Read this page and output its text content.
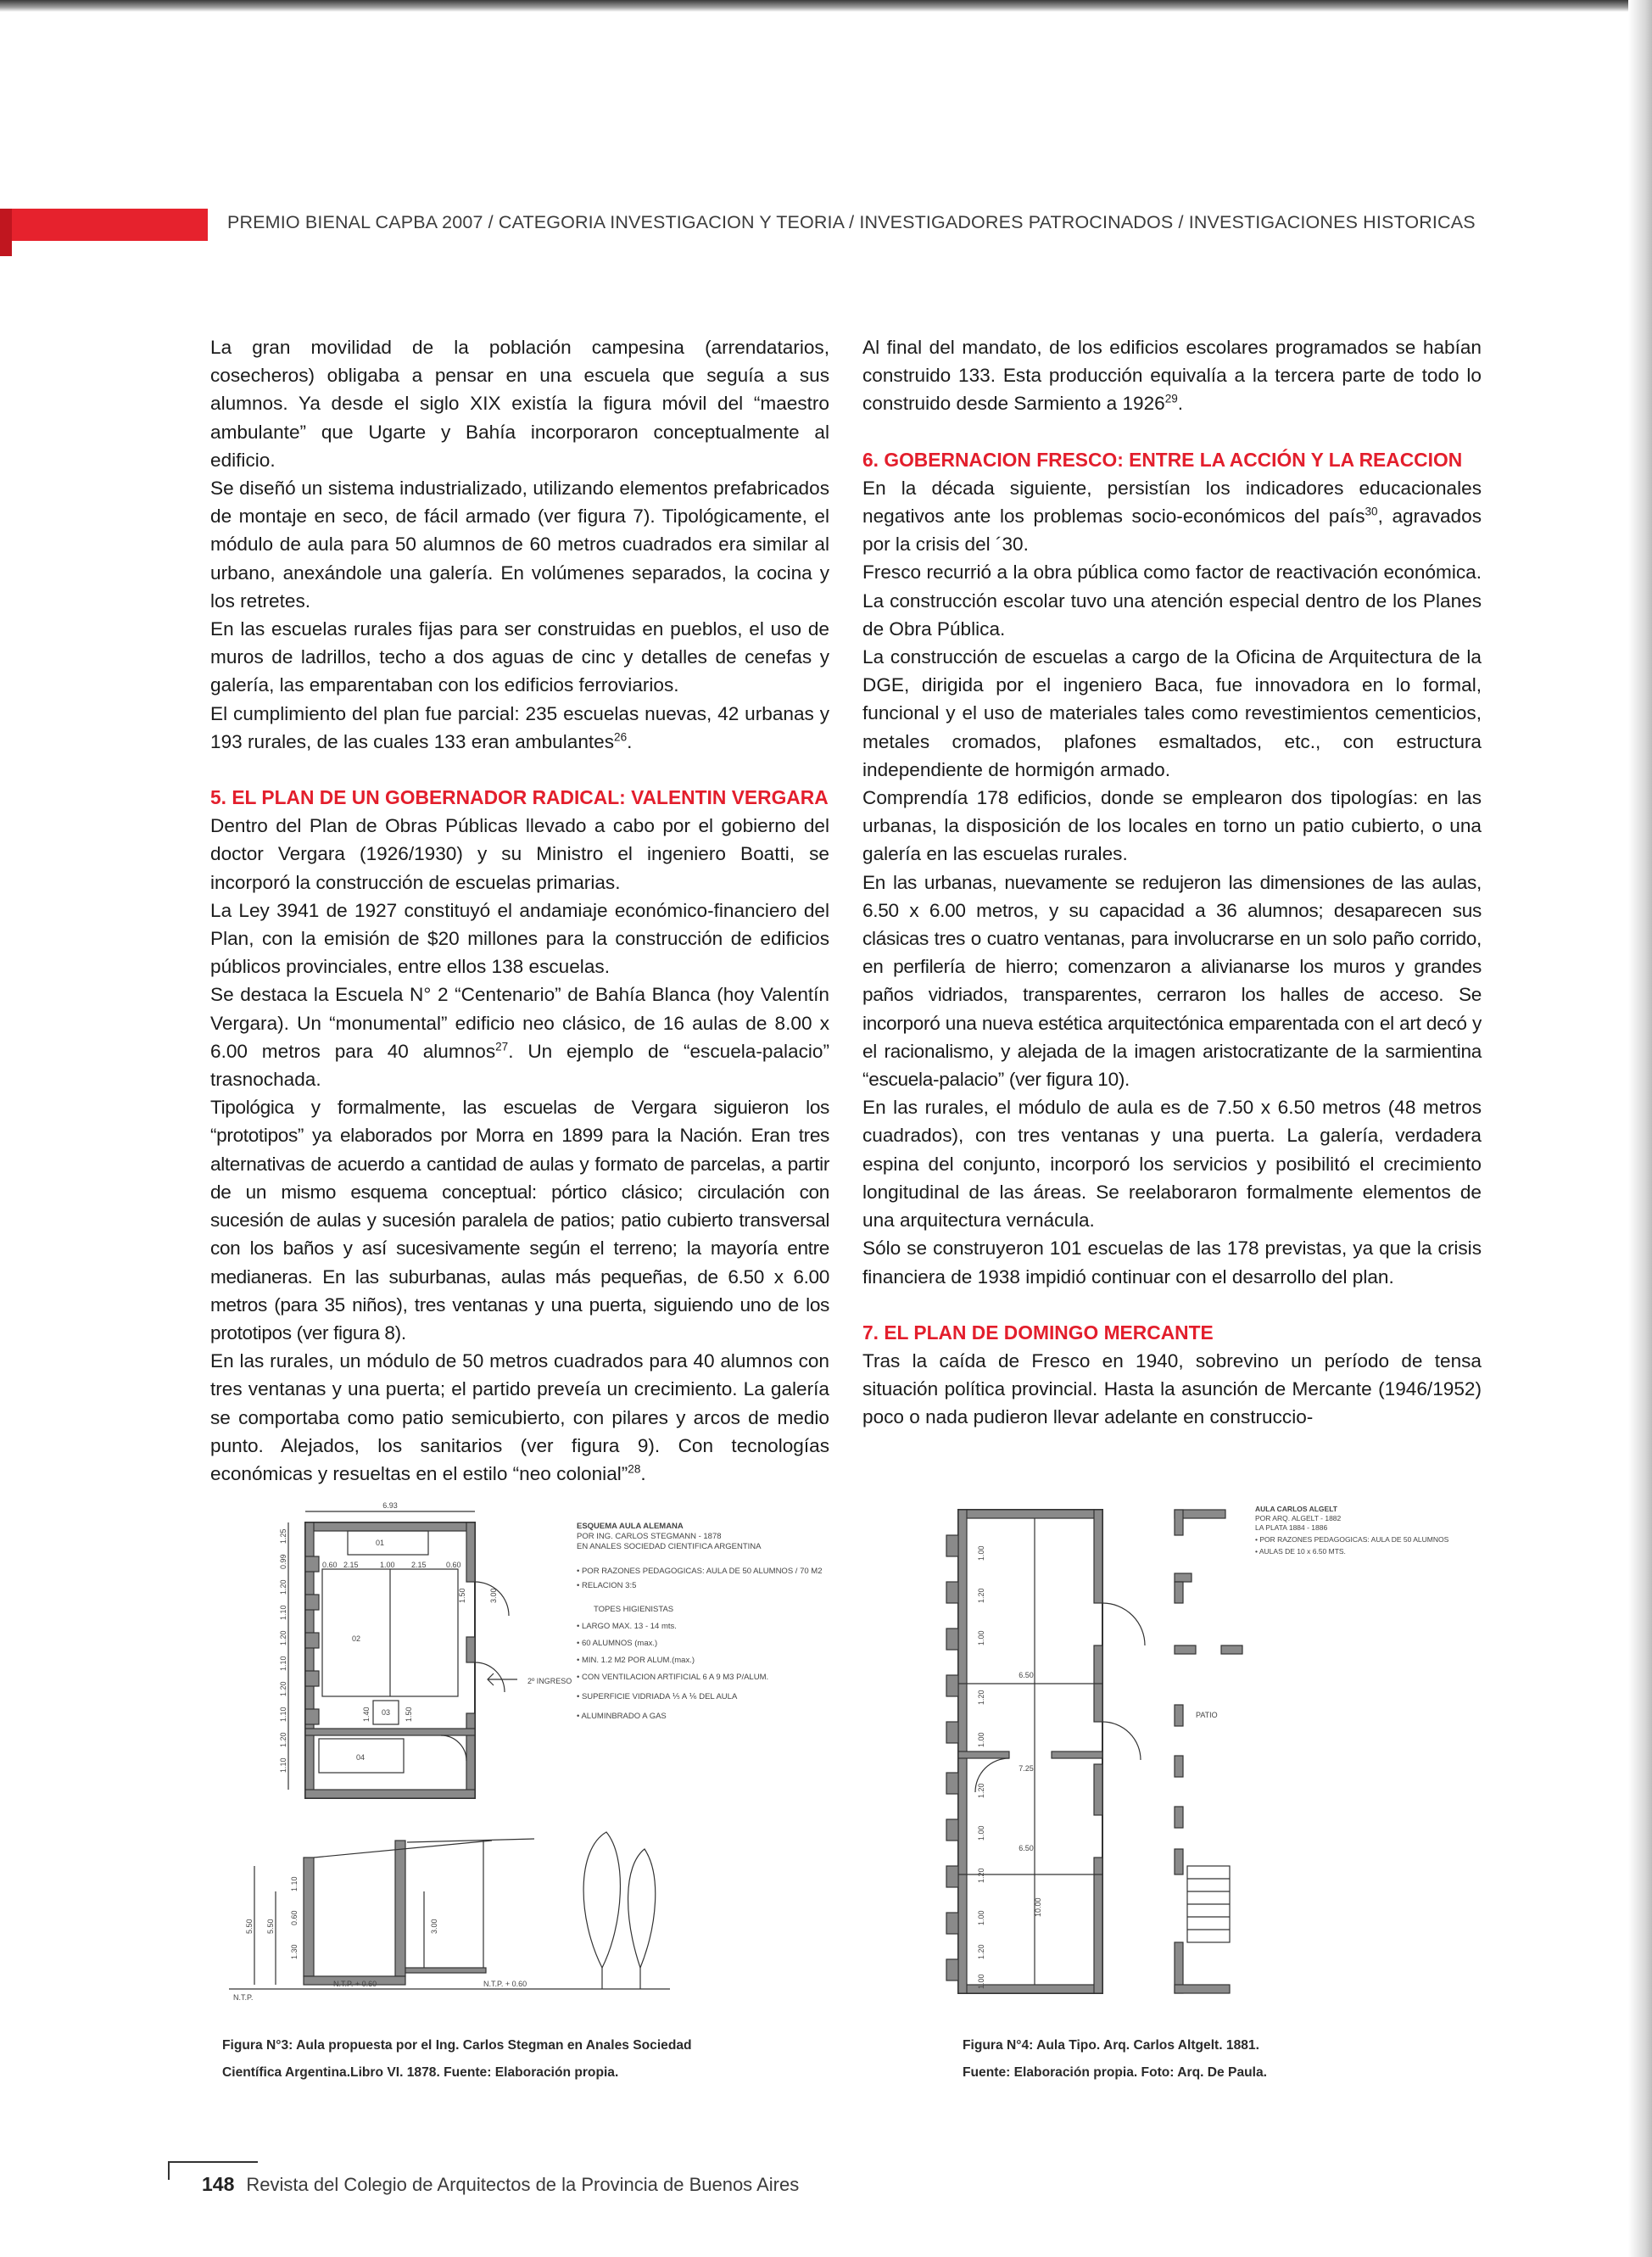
PREMIO BIENAL CAPBA 2007 / CATEGORIA INVESTIGACION Y TEORIA / INVESTIGADORES PATROCINADOS / INVESTIGACIONES HISTORICAS

La gran movilidad de la población campesina (arrendatarios, cosecheros) obligaba a pensar en una escuela que seguía a sus alumnos. Ya desde el siglo XIX existía la figura móvil del “maestro ambulante” que Ugarte y Bahía incorporaron conceptualmente al edificio.

Se diseñó un sistema industrializado, utilizando elementos prefabricados de montaje en seco, de fácil armado (ver figura 7). Tipológicamente, el módulo de aula para 50 alumnos de 60 metros cuadrados era similar al urbano, anexándole una galería. En volúmenes separados, la cocina y los retretes.

En las escuelas rurales fijas para ser construidas en pueblos, el uso de muros de ladrillos, techo a dos aguas de cinc y detalles de cenefas y galería, las emparentaban con los edificios ferroviarios.

El cumplimiento del plan fue parcial: 235 escuelas nuevas, 42 urbanas y 193 rurales, de las cuales 133 eran ambulantes$^{26}$.

5. EL PLAN DE UN GOBERNADOR RADICAL: VALENTIN VERGARA

Dentro del Plan de Obras Públicas llevado a cabo por el gobierno del doctor Vergara (1926/1930) y su Ministro el ingeniero Boatti, se incorporó la construcción de escuelas primarias.

La Ley 3941 de 1927 constituyó el andamiaje económico-financiero del Plan, con la emisión de $20 millones para la construcción de edificios públicos provinciales, entre ellos 138 escuelas.

Se destaca la Escuela N° 2 “Centenario” de Bahía Blanca (hoy Valentín Vergara). Un “monumental” edificio neo clásico, de 16 aulas de 8.00 x 6.00 metros para 40 alumnos$^{27}$. Un ejemplo de “escuela-palacio” trasnochada.

Tipológica y formalmente, las escuelas de Vergara siguieron los “prototipos” ya elaborados por Morra en 1899 para la Nación. Eran tres alternativas de acuerdo a cantidad de aulas y formato de parcelas, a partir de un mismo esquema conceptual: pórtico clásico; circulación con sucesión de aulas y sucesión paralela de patios; patio cubierto transversal con los baños y así sucesivamente según el terreno; la mayoría entre medianeras. En las suburbanas, aulas más pequeñas, de 6.50 x 6.00 metros (para 35 niños), tres ventanas y una puerta, siguiendo uno de los prototipos (ver figura 8).

En las rurales, un módulo de 50 metros cuadrados para 40 alumnos con tres ventanas y una puerta; el partido preveía un crecimiento. La galería se comportaba como patio semicubierto, con pilares y arcos de medio punto. Alejados, los sanitarios (ver figura 9). Con tecnologías económicas y resueltas en el estilo “neo colonial”$^{28}$.

Al final del mandato, de los edificios escolares programados se habían construido 133. Esta producción equivalía a la tercera parte de todo lo construido desde Sarmiento a 1926$^{29}$.

6. GOBERNACION FRESCO: ENTRE LA ACCIÓN Y LA REACCION

En la década siguiente, persistían los indicadores educacionales negativos ante los problemas socio-económicos del país$^{30}$, agravados por la crisis del ´30.

Fresco recurrió a la obra pública como factor de reactivación económica. La construcción escolar tuvo una atención especial dentro de los Planes de Obra Pública.

La construcción de escuelas a cargo de la Oficina de Arquitectura de la DGE, dirigida por el ingeniero Baca, fue innovadora en lo formal, funcional y el uso de materiales tales como revestimientos cementicios, metales cromados, plafones esmaltados, etc., con estructura independiente de hormigón armado.

Comprendía 178 edificios, donde se emplearon dos tipologías: en las urbanas, la disposición de los locales en torno un patio cubierto, o una galería en las escuelas rurales.

En las urbanas, nuevamente se redujeron las dimensiones de las aulas, 6.50 x 6.00 metros, y su capacidad a 36 alumnos; desaparecen sus clásicas tres o cuatro ventanas, para involucrarse en un solo paño corrido, en perfilería de hierro; comenzaron a alivianarse los muros y grandes paños vidriados, transparentes, cerraron los halles de acceso. Se incorporó una nueva estética arquitectónica emparentada con el art decó y el racionalismo, y alejada de la imagen aristocratizante de la sarmientina “escuela-palacio” (ver figura 10).

En las rurales, el módulo de aula es de 7.50 x 6.50 metros (48 metros cuadrados), con tres ventanas y una puerta. La galería, verdadera espina del conjunto, incorporó los servicios y posibilitó el crecimiento longitudinal de las áreas. Se reelaboraron formalmente elementos de una arquitectura vernácula.

Sólo se construyeron 101 escuelas de las 178 previstas, ya que la crisis financiera de 1938 impidió continuar con el desarrollo del plan.

7. EL PLAN DE DOMINGO MERCANTE

Tras la caída de Fresco en 1940, sobrevino un período de tensa situación política provincial. Hasta la asunción de Mercante (1946/1952) poco o nada pudieron llevar adelante en construccio-

6.93
01
02
03
04
2.15	2.15
0.60	1.00	0.60
2º INGRESO
N.T.P. + 0.60	N.T.P. + 0.60
N.T.P.
1.25
0.99
1.20
1.10
1.20
1.10
1.20
1.10
1.20
1.10
1.50	3.00
1.40	1.50
5.50	3.00
5.50
1.10
0.60
1.30
ESQUEMA AULA ALEMANA
POR ING. CARLOS STEGMANN - 1878
EN ANALES SOCIEDAD CIENTIFICA ARGENTINA
• POR RAZONES PEDAGOGICAS: AULA DE 50 ALUMNOS / 70 M2
• RELACION 3:5
TOPES HIGIENISTAS
• LARGO MAX. 13 - 14 mts.
• 60 ALUMNOS (max.)
• MIN. 1.2 M2 POR ALUM.(max.)
• CON VENTILACION ARTIFICIAL 6 A 9 M3 P/ALUM.
• SUPERFICIE VIDRIADA ⅕ A ⅙ DEL AULA
• ALUMINBRADO A GAS
Figura N°3: Aula propuesta por el Ing. Carlos Stegman en Anales Sociedad
Científica Argentina.Libro VI. 1878. Fuente: Elaboración propia.
6.50
7.25
6.50
10.00
PATIO
1.00
1.20
1.00
1.20
1.00
1.20
1.00
1.20
1.00
1.20
1.00
AULA CARLOS ALGELT
POR ARQ. ALGELT - 1882
LA PLATA 1884 - 1886
• POR RAZONES PEDAGOGICAS: AULA DE 50 ALUMNOS
• AULAS DE 10 x 6.50 MTS.
Figura N°4: Aula Tipo. Arq. Carlos Altgelt. 1881.
Fuente: Elaboración propia. Foto: Arq. De Paula.
148 Revista del Colegio de Arquitectos de la Provincia de Buenos Aires
